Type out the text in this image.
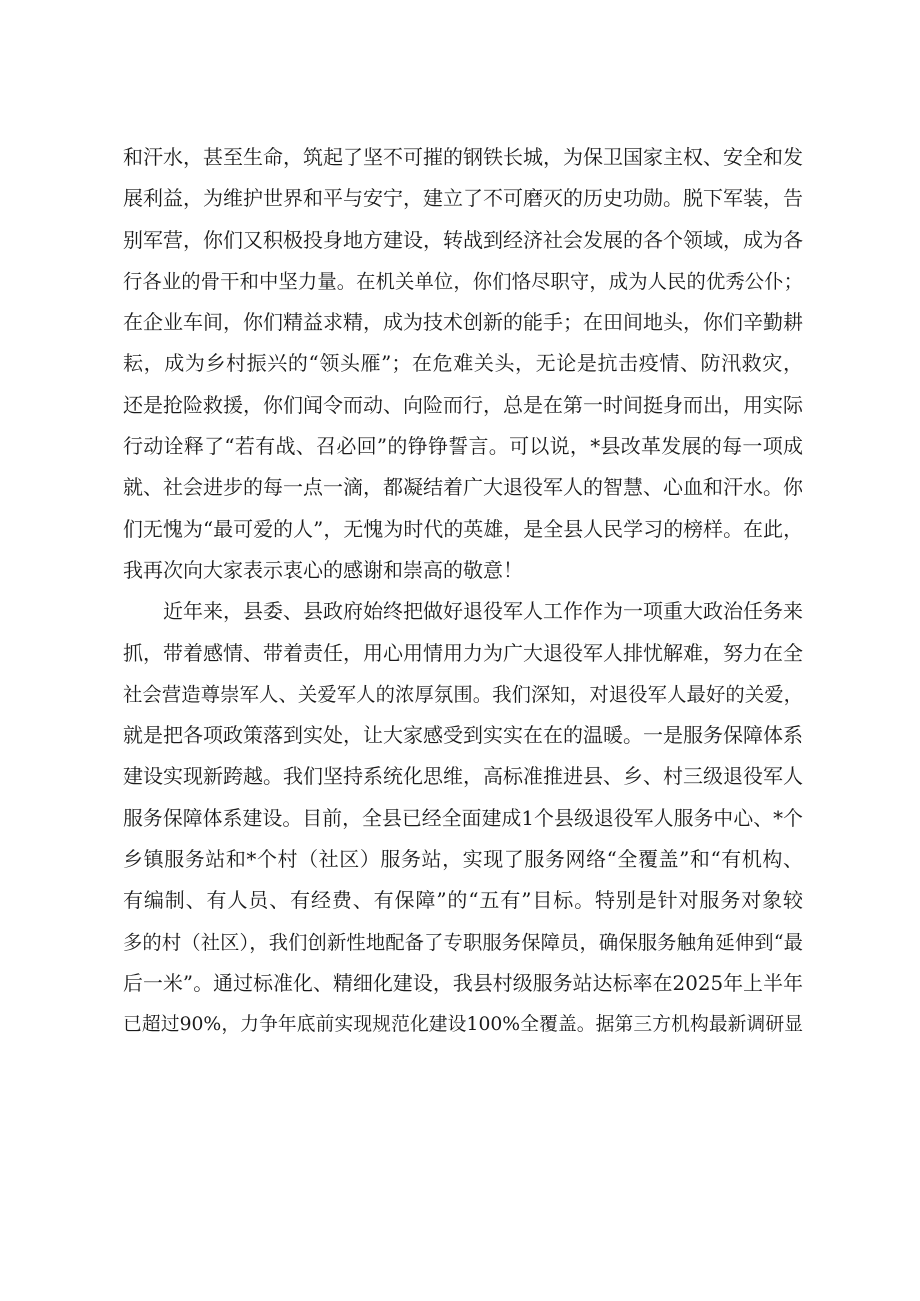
和汗水，甚至生命，筑起了坚不可摧的钢铁长城，为保卫国家主权、安全和发
展利益，为维护世界和平与安宁，建立了不可磨灭的历史功勋。脱下军装，告
别军营，你们又积极投身地方建设，转战到经济社会发展的各个领域，成为各
行各业的骨干和中坚力量。在机关单位，你们恪尽职守，成为人民的优秀公仆；
在企业车间，你们精益求精，成为技术创新的能手；在田间地头，你们辛勤耕
耘，成为乡村振兴的“领头雁”；在危难关头，无论是抗击疫情、防汛救灾，
还是抢险救援，你们闻令而动、向险而行，总是在第一时间挺身而出，用实际
行动诠释了“若有战、召必回”的铮铮誓言。可以说，*县改革发展的每一项成
就、社会进步的每一点一滴，都凝结着广大退役军人的智慧、心血和汗水。你
们无愧为“最可爱的人”，无愧为时代的英雄，是全县人民学习的榜样。在此，
我再次向大家表示衷心的感谢和崇高的敬意！
近年来，县委、县政府始终把做好退役军人工作作为一项重大政治任务来
抓，带着感情、带着责任，用心用情用力为广大退役军人排忧解难，努力在全
社会营造尊崇军人、关爱军人的浓厚氛围。我们深知，对退役军人最好的关爱，
就是把各项政策落到实处，让大家感受到实实在在的温暖。一是服务保障体系
建设实现新跨越。我们坚持系统化思维，高标准推进县、乡、村三级退役军人
服务保障体系建设。目前，全县已经全面建成1个县级退役军人服务中心、*个
乡镇服务站和*个村（社区）服务站，实现了服务网络“全覆盖”和“有机构、
有编制、有人员、有经费、有保障”的“五有”目标。特别是针对服务对象较
多的村（社区），我们创新性地配备了专职服务保障员，确保服务触角延伸到“最
后一米”。通过标准化、精细化建设，我县村级服务站达标率在2025年上半年
已超过90%，力争年底前实现规范化建设100%全覆盖。据第三方机构最新调研显
